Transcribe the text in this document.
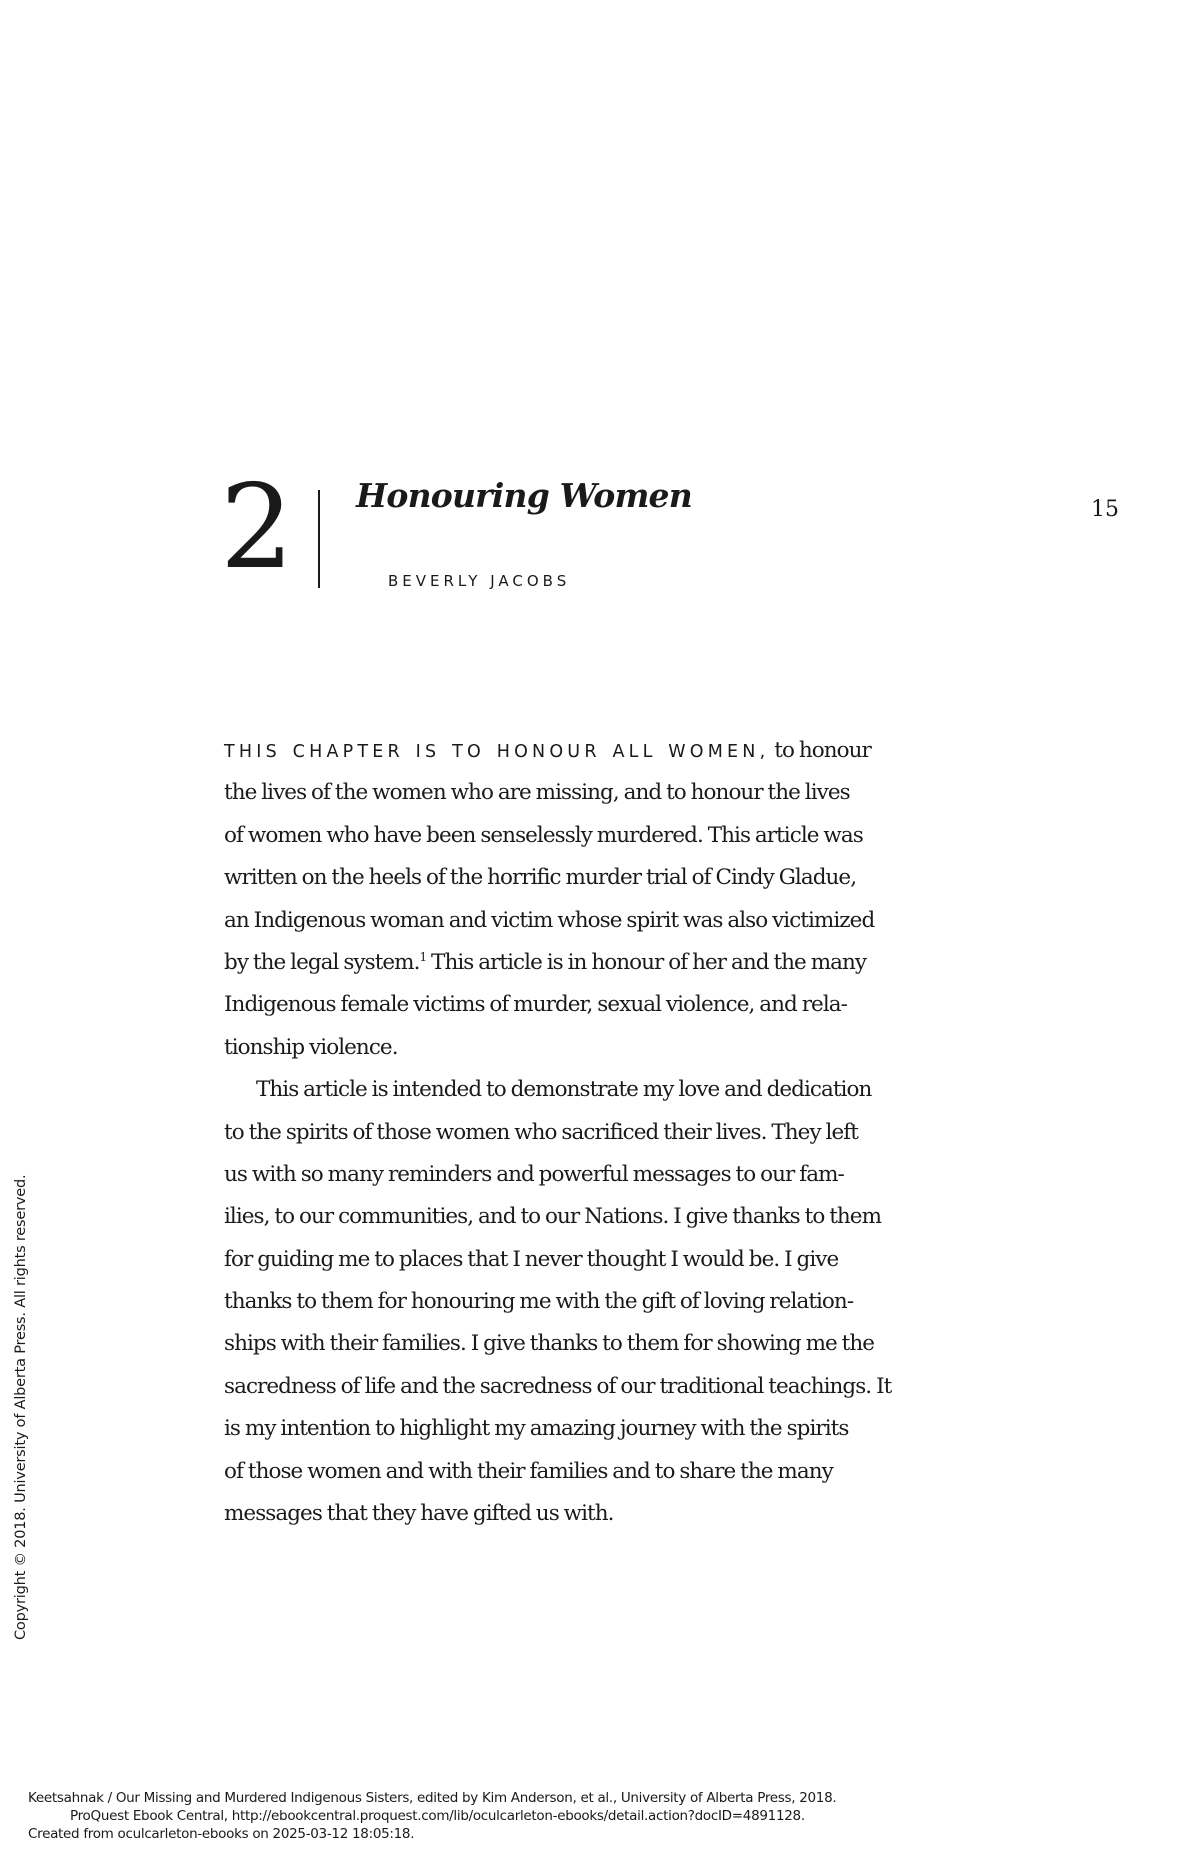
2 Honouring Women
BEVERLY JACOBS
15
THIS CHAPTER IS TO HONOUR ALL WOMEN, to honour
the lives of the women who are missing, and to honour the lives
of women who have been senselessly murdered. This article was
written on the heels of the horrific murder trial of Cindy Gladue,
an Indigenous woman and victim whose spirit was also victimized
by the legal system.$^1$ This article is in honour of her and the many
Indigenous female victims of murder, sexual violence, and rela-
tionship violence.
This article is intended to demonstrate my love and dedication
to the spirits of those women who sacrificed their lives. They left
us with so many reminders and powerful messages to our fam-
ilies, to our communities, and to our Nations. I give thanks to them
for guiding me to places that I never thought I would be. I give
thanks to them for honouring me with the gift of loving relation-
ships with their families. I give thanks to them for showing me the
sacredness of life and the sacredness of our traditional teachings. It
is my intention to highlight my amazing journey with the spirits
of those women and with their families and to share the many
messages that they have gifted us with.
Copyright © 2018. University of Alberta Press. All rights reserved.
Keetsahnak / Our Missing and Murdered Indigenous Sisters, edited by Kim Anderson, et al., University of Alberta Press, 2018.
ProQuest Ebook Central, http://ebookcentral.proquest.com/lib/oculcarleton-ebooks/detail.action?docID=4891128.
Created from oculcarleton-ebooks on 2025-03-12 18:05:18.
